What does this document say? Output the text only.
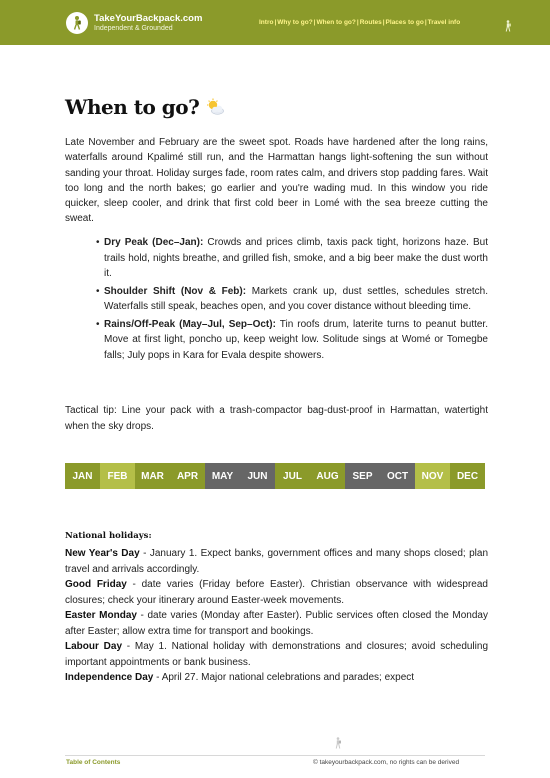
TakeYourBackpack.com
Independent & Grounded
Intro | Why to go? | When to go? | Routes | Places to go | Travel info
When to go?

Late November and February are the sweet spot. Roads have hardened after the long rains, waterfalls around Kpalimé still run, and the Harmattan hangs light-softening the sun without sanding your throat. Holiday surges fade, room rates calm, and drivers stop padding fares. Wait too long and the north bakes; go earlier and you're wading mud. In this window you ride quicker, sleep cooler, and drink that first cold beer in Lomé with the sea breeze cutting the sweat.

• Dry Peak (Dec–Jan): Crowds and prices climb, taxis pack tight, horizons haze. But trails hold, nights breathe, and grilled fish, smoke, and a big beer make the dust worth it.
• Shoulder Shift (Nov & Feb): Markets crank up, dust settles, schedules stretch. Waterfalls still speak, beaches open, and you cover distance without bleeding time.
• Rains/Off-Peak (May–Jul, Sep–Oct): Tin roofs drum, laterite turns to peanut butter. Move at first light, poncho up, keep weight low. Solitude sings at Womé or Tomegbe falls; July pops in Kara for Evala despite showers.

Tactical tip: Line your pack with a trash-compactor bag-dust-proof in Harmattan, watertight when the sky drops.

JAN	FEB	MAR	APR	MAY	JUN	JUL	AUG	SEP	OCT	NOV	DEC
National holidays:

New Year's Day - January 1. Expect banks, government offices and many shops closed; plan travel and arrivals accordingly.

Good Friday - date varies (Friday before Easter). Christian observance with widespread closures; check your itinerary around Easter-week movements.

Easter Monday - date varies (Monday after Easter). Public services often closed the Monday after Easter; allow extra time for transport and bookings.

Labour Day - May 1. National holiday with demonstrations and closures; avoid scheduling important appointments or bank business.

Independence Day - April 27. Major national celebrations and parades; expect

Table of Contents	© takeyourbackpack.com, no rights can be derived
